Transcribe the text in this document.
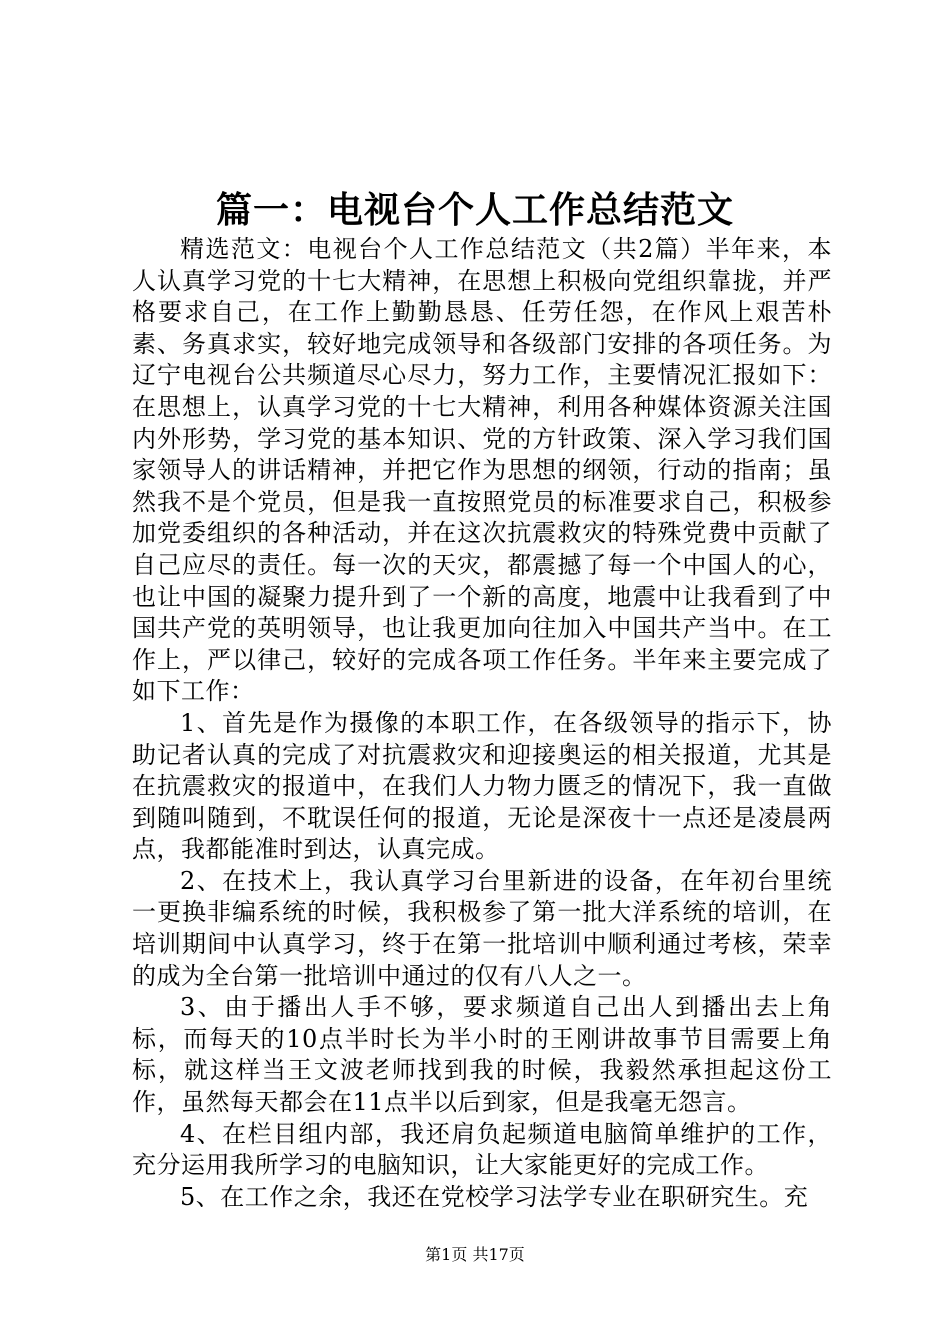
篇一：电视台个人工作总结范文

精选范文：电视台个人工作总结范文（共2篇）半年来，本人认真学习党的十七大精神，在思想上积极向党组织靠拢，并严格要求自己，在工作上勤勤恳恳、任劳任怨，在作风上艰苦朴素、务真求实，较好地完成领导和各级部门安排的各项任务。为辽宁电视台公共频道尽心尽力，努力工作，主要情况汇报如下：在思想上，认真学习党的十七大精神，利用各种媒体资源关注国内外形势，学习党的基本知识、党的方针政策、深入学习我们国家领导人的讲话精神，并把它作为思想的纲领，行动的指南；虽然我不是个党员，但是我一直按照党员的标准要求自己，积极参加党委组织的各种活动，并在这次抗震救灾的特殊党费中贡献了自己应尽的责任。每一次的天灾，都震撼了每一个中国人的心，也让中国的凝聚力提升到了一个新的高度，地震中让我看到了中国共产党的英明领导，也让我更加向往加入中国共产当中。在工作上，严以律己，较好的完成各项工作任务。半年来主要完成了如下工作：

1、首先是作为摄像的本职工作，在各级领导的指示下，协助记者认真的完成了对抗震救灾和迎接奥运的相关报道，尤其是在抗震救灾的报道中，在我们人力物力匮乏的情况下，我一直做到随叫随到，不耽误任何的报道，无论是深夜十一点还是凌晨两点，我都能准时到达，认真完成。

2、在技术上，我认真学习台里新进的设备，在年初台里统一更换非编系统的时候，我积极参了第一批大洋系统的培训，在培训期间中认真学习，终于在第一批培训中顺利通过考核，荣幸的成为全台第一批培训中通过的仅有八人之一。

3、由于播出人手不够，要求频道自己出人到播出去上角标，而每天的10点半时长为半小时的王刚讲故事节目需要上角标，就这样当王文波老师找到我的时候，我毅然承担起这份工作，虽然每天都会在11点半以后到家，但是我毫无怨言。

4、在栏目组内部，我还肩负起频道电脑简单维护的工作，充分运用我所学习的电脑知识，让大家能更好的完成工作。

5、在工作之余，我还在党校学习法学专业在职研究生。充

第1页 共17页
